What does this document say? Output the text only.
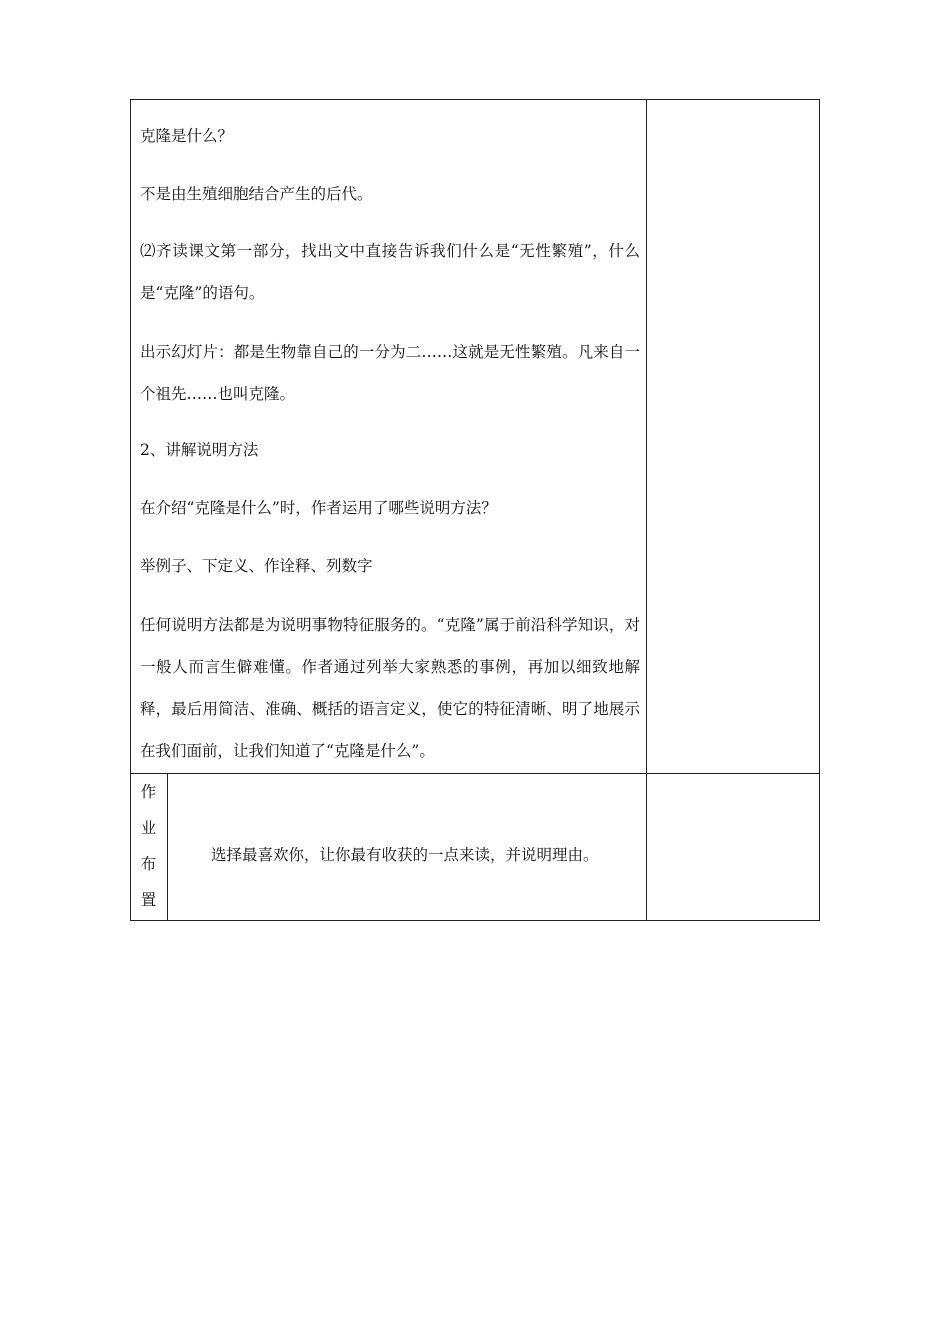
克隆是什么？
不是由生殖细胞结合产生的后代。
⑵齐读课文第一部分，找出文中直接告诉我们什么是“无性繁殖”，什么是“克隆”的语句。
出示幻灯片：都是生物靠自己的一分为二……这就是无性繁殖。凡来自一个祖先……也叫克隆。
2、讲解说明方法
在介绍“克隆是什么”时，作者运用了哪些说明方法？
举例子、下定义、作诠释、列数字
任何说明方法都是为说明事物特征服务的。“克隆”属于前沿科学知识，对一般人而言生僻难懂。作者通过列举大家熟悉的事例，再加以细致地解释，最后用简洁、准确、概括的语言定义，使它的特征清晰、明了地展示在我们面前，让我们知道了“克隆是什么”。
作
业
布
置
选择最喜欢你，让你最有收获的一点来读，并说明理由。
